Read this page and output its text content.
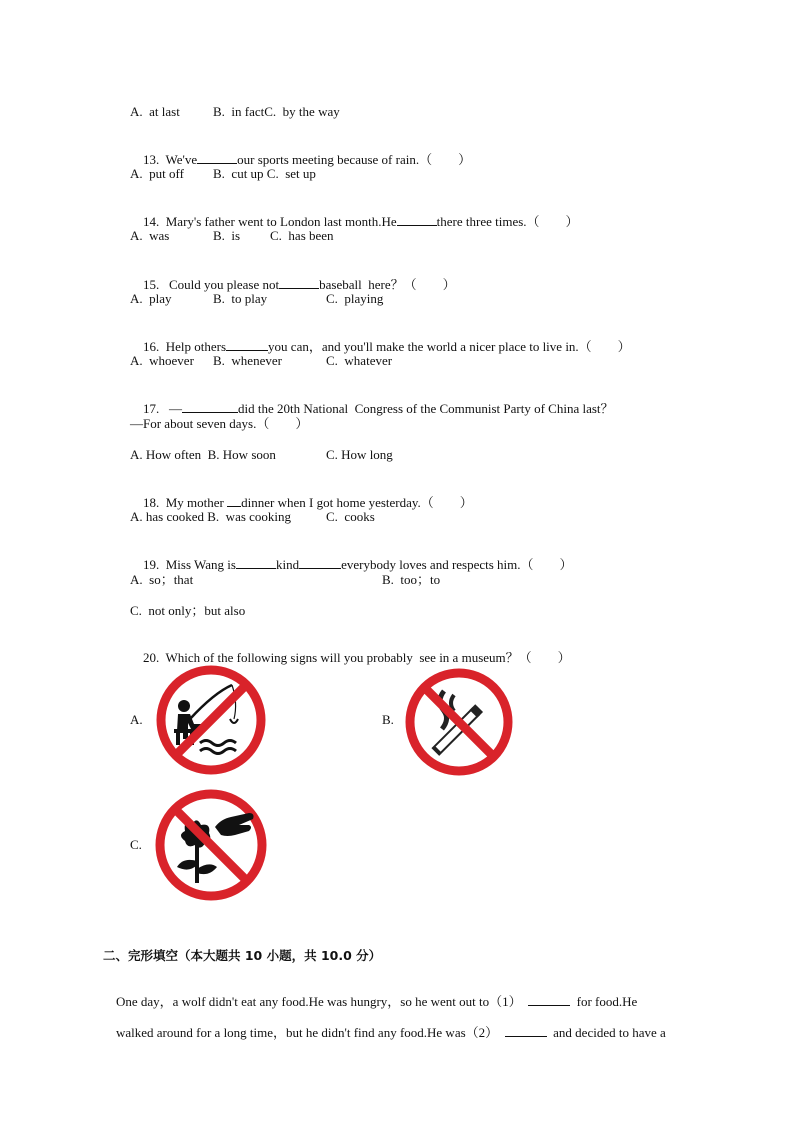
A.  at last	B.  in factC.  by the way

13. We've	our sports meeting because of rain.（        ）

A.  put off B.  cut up C.  set up

14. Mary's father went to London last month.He	there three times.（        ）

A.  was	B.  is C.  has been

15. Could you please not	baseball  here？（        ）

A.  play	B.  to play	C.  playing

16. Help others	you can，and you'll make the world a nicer place to live in.（        ）

A.  whoever B.  whenever	C.  whatever

17. —	did the 20th National  Congress of the Communist Party of China last？

—For about seven days.（        ）
A. How often  B. How soon	C. How long

18. My mother dinner when I got home yesterday.（        ）

A. has cooked B.  was cooking	C.  cooks

19. Miss Wang is	kind	everybody loves and respects him.（        ）

A.  so；that	B.  too；to
C.  not only；but also

20. Which of the following signs will you probably  see in a museum？（        ）

A.	B.
C.
二、完形填空（本大题共 10 小题，共 10.0 分）

One day，a wolf didn't eat any food.He was hungry，so he went out to（1）	for food.He

walked around for a long time，but he didn't find any food.He was（2）	and decided to have a
